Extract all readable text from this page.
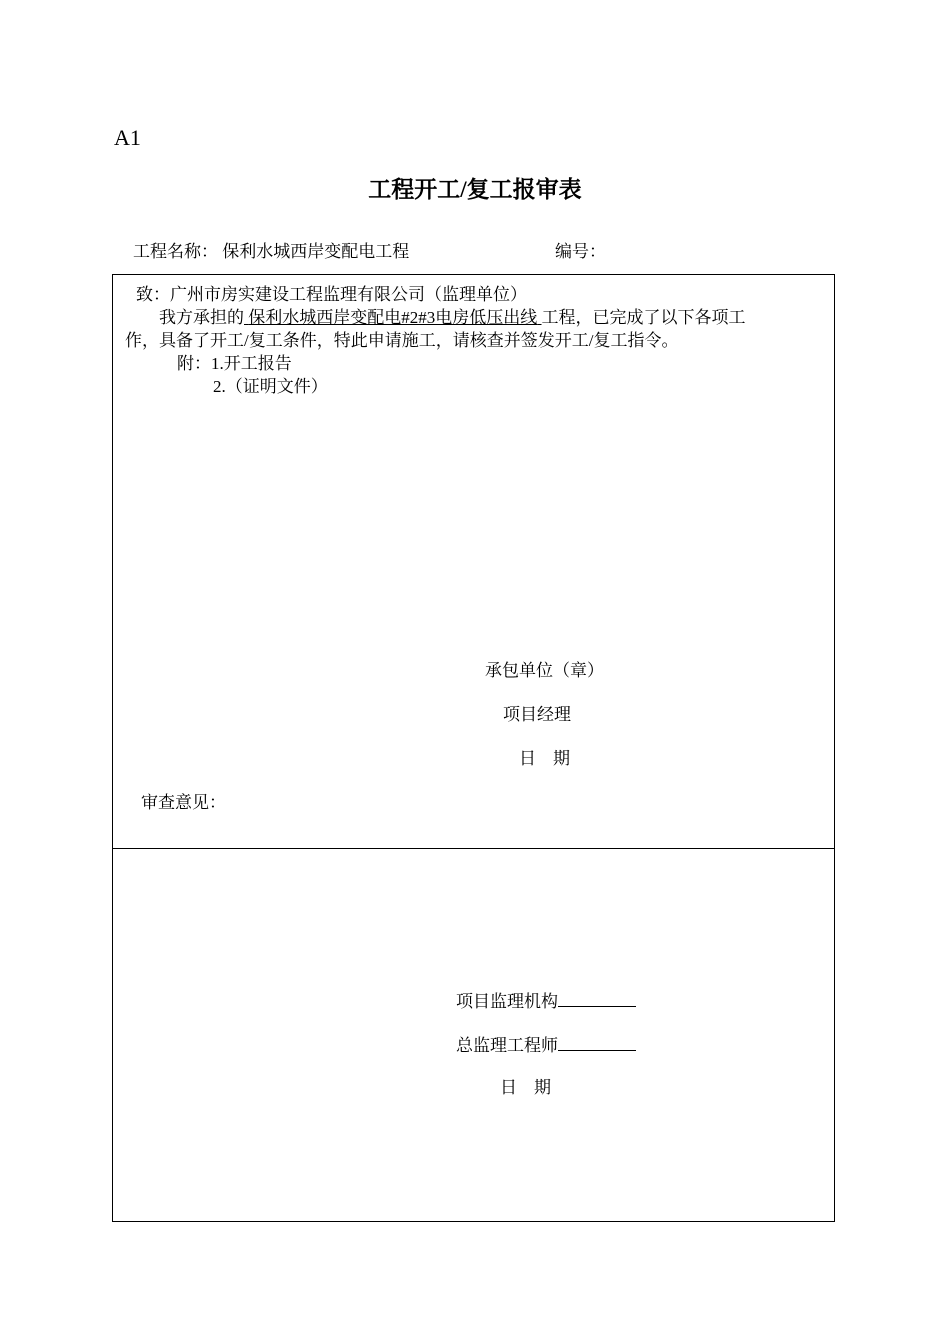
A1
工程开工/复工报审表
工程名称： 保利水城西岸变配电工程	编号：
致：广州市房实建设工程监理有限公司（监理单位）
我方承担的 保利水城西岸变配电#2#3电房低压出线 工程，已完成了以下各项工
作，具备了开工/复工条件，特此申请施工，请核查并签发开工/复工指令。
附：1.开工报告
2.（证明文件）
承包单位（章）
项目经理
日    期
审查意见：
项目监理机构
总监理工程师
日    期
